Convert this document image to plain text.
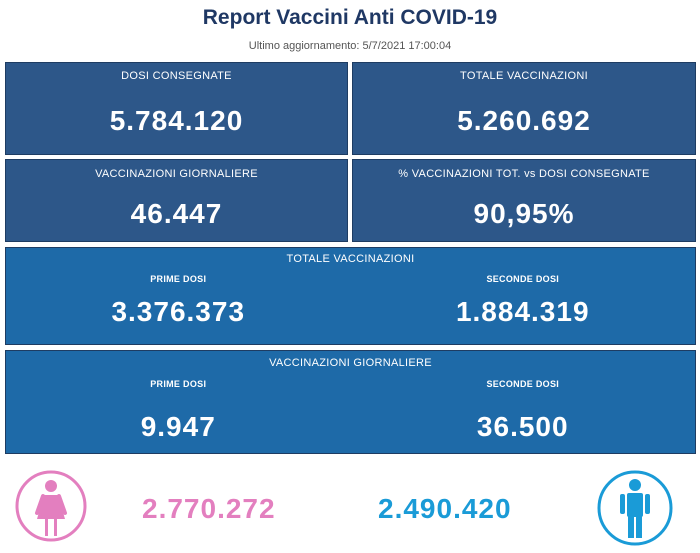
Report Vaccini Anti COVID-19
Ultimo aggiornamento: 5/7/2021 17:00:04
DOSI CONSEGNATE
5.784.120
TOTALE VACCINAZIONI
5.260.692
VACCINAZIONI GIORNALIERE
46.447
% VACCINAZIONI TOT. vs DOSI CONSEGNATE
90,95%
TOTALE VACCINAZIONI
PRIME DOSI
3.376.373
SECONDE DOSI
1.884.319
VACCINAZIONI GIORNALIERE
PRIME DOSI
9.947
SECONDE DOSI
36.500
2.770.272	2.490.420
